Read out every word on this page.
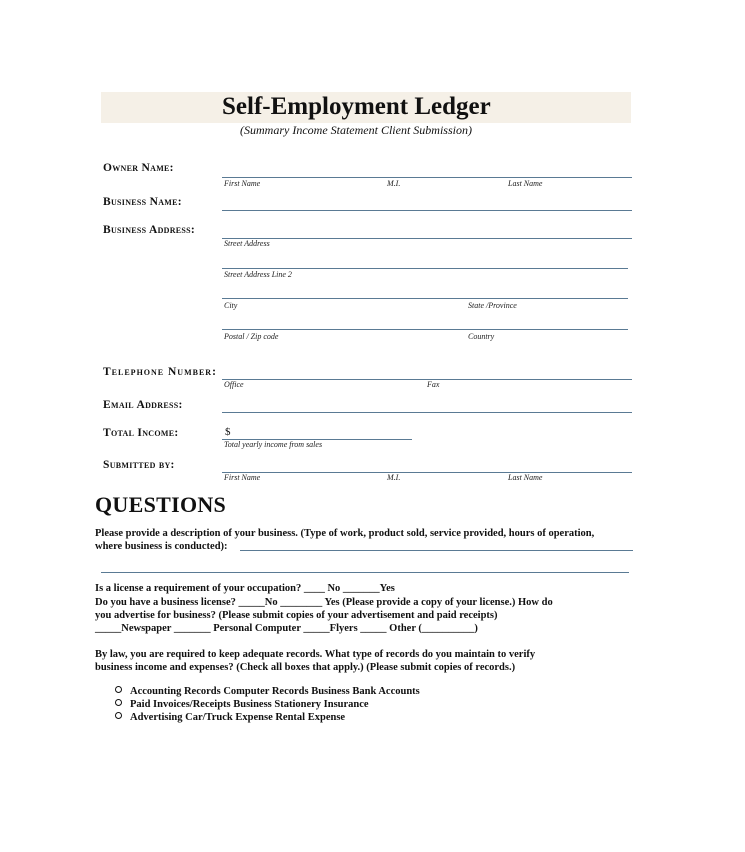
Self-Employment Ledger
(Summary Income Statement Client Submission)
Owner Name:
First Name	M.I.	Last Name
Business Name:
Business Address:
Street Address
Street Address Line 2
City	State /Province
Postal / Zip code	Country
Telephone Number:
Office	Fax
Email Address:
Total Income:	$
Total yearly income from sales
Submitted by:
First Name	M.I.	Last Name
QUESTIONS
Please provide a description of your business. (Type of work, product sold, service provided, hours of operation,
where business is conducted):
Is a license a requirement of your occupation? ____ No _______Yes
Do you have a business license? _____No ________ Yes (Please provide a copy of your license.) How do
you advertise for business? (Please submit copies of your advertisement and paid receipts)
_____Newspaper _______ Personal Computer _____Flyers _____ Other (__________)
By law, you are required to keep adequate records. What type of records do you maintain to verify
business income and expenses? (Check all boxes that apply.) (Please submit copies of records.)
Accounting Records Computer Records Business Bank Accounts
Paid Invoices/Receipts Business Stationery Insurance
Advertising Car/Truck Expense Rental Expense
